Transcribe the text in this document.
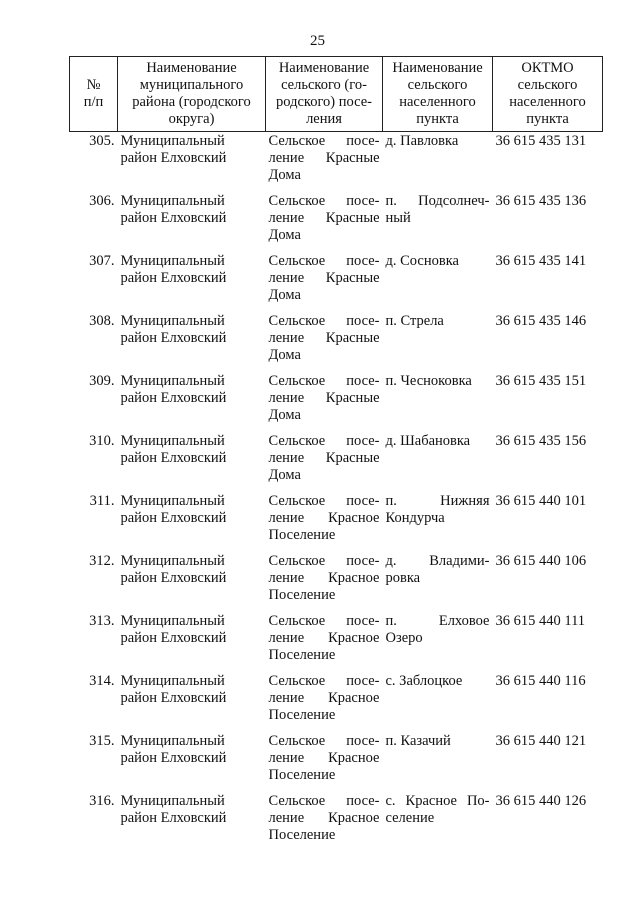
25
№
п/п	Наименование
муниципального
района (городского
округа)	Наименование
сельского (го-
родского) посе-
ления	Наименование
сельского
населенного
пункта	ОКТМО
сельского
населенного
пункта

305.	Муниципальный
район Елховский	Сельское посе-
ление Красные
Дома	д. Павловка	36 615 435 131
306.	Муниципальный
район Елховский	Сельское посе-
ление Красные
Дома	п. Подсолнеч-
ный	36 615 435 136
307.	Муниципальный
район Елховский	Сельское посе-
ление Красные
Дома	д. Сосновка	36 615 435 141
308.	Муниципальный
район Елховский	Сельское посе-
ление Красные
Дома	п. Стрела	36 615 435 146
309.	Муниципальный
район Елховский	Сельское посе-
ление Красные
Дома	п. Чесноковка	36 615 435 151
310.	Муниципальный
район Елховский	Сельское посе-
ление Красные
Дома	д. Шабановка	36 615 435 156
311.	Муниципальный
район Елховский	Сельское посе-
ление Красное
Поселение	п. Нижняя
Кондурча	36 615 440 101
312.	Муниципальный
район Елховский	Сельское посе-
ление Красное
Поселение	д. Владими-
ровка	36 615 440 106
313.	Муниципальный
район Елховский	Сельское посе-
ление Красное
Поселение	п. Елховое
Озеро	36 615 440 111
314.	Муниципальный
район Елховский	Сельское посе-
ление Красное
Поселение	с. Заблоцкое	36 615 440 116
315.	Муниципальный
район Елховский	Сельское посе-
ление Красное
Поселение	п. Казачий	36 615 440 121
316.	Муниципальный
район Елховский	Сельское посе-
ление Красное
Поселение	с. Красное По-
селение	36 615 440 126
